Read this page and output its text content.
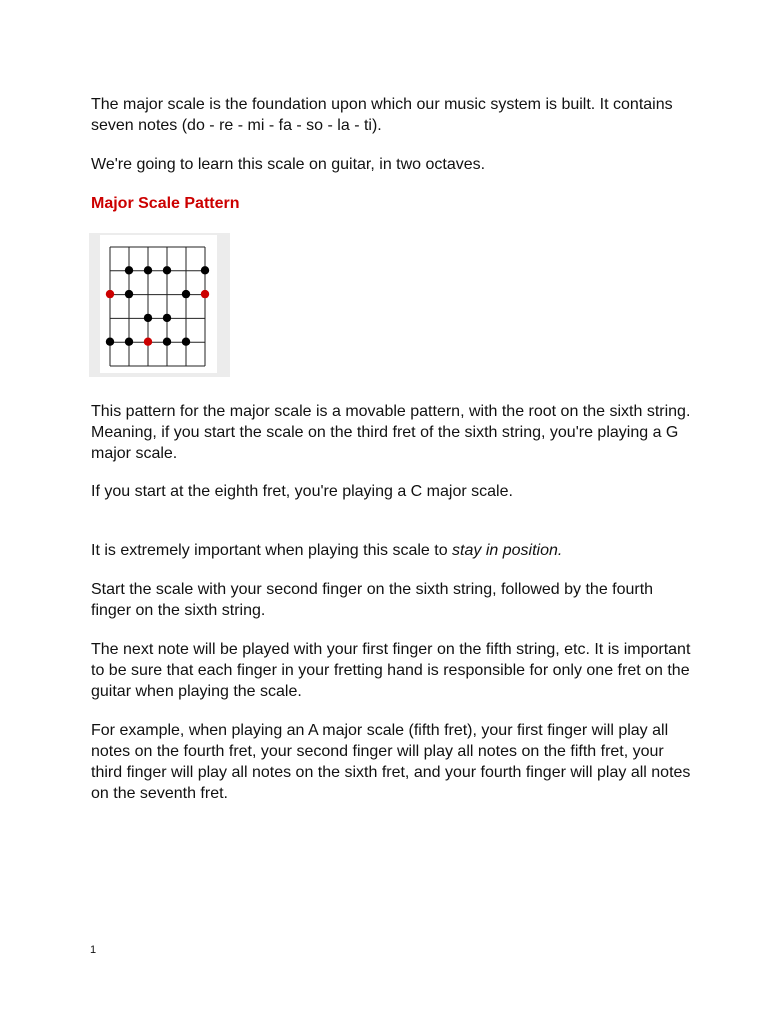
The major scale is the foundation upon which our music system is built. It contains seven notes (do - re - mi - fa - so - la - ti).

We're going to learn this scale on guitar, in two octaves.

Major Scale Pattern

This pattern for the major scale is a movable pattern, with the root on the sixth string. Meaning, if you start the scale on the third fret of the sixth string, you're playing a G major scale.

If you start at the eighth fret, you're playing a C major scale.

It is extremely important when playing this scale to stay in position.

Start the scale with your second finger on the sixth string, followed by the fourth finger on the sixth string.

The next note will be played with your first finger on the fifth string, etc. It is important to be sure that each finger in your fretting hand is responsible for only one fret on the guitar when playing the scale.

For example, when playing an A major scale (fifth fret), your first finger will play all notes on the fourth fret, your second finger will play all notes on the fifth fret, your third finger will play all notes on the sixth fret, and your fourth finger will play all notes on the seventh fret.

1
